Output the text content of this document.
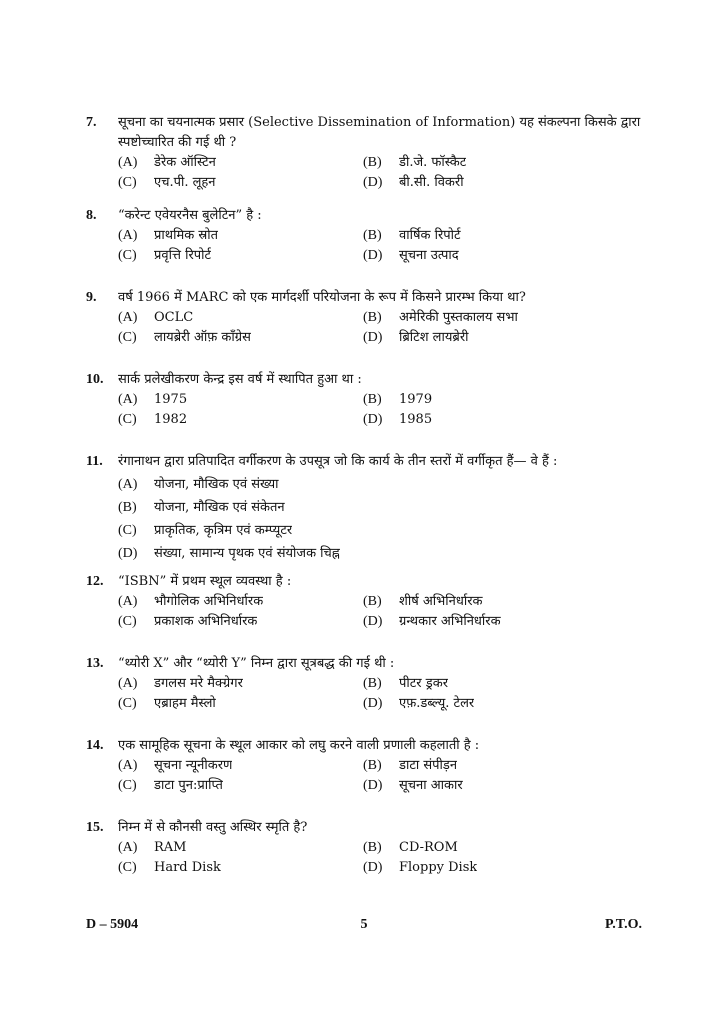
7. सूचना का चयनात्मक प्रसार (Selective Dissemination of Information) यह संकल्पना किसके द्वारा स्पष्टोच्चारित की गई थी ?
(A)	डेरेक ऑस्टिन	(B)	डी.जे. फॉस्कैट
(C)	एच.पी. लूहन	(D)	बी.सी. विकरी
8. “करेन्ट एवेयरनैस बुलेटिन” है :
(A)	प्राथमिक स्रोत	(B)	वार्षिक रिपोर्ट
(C)	प्रवृत्ति रिपोर्ट	(D)	सूचना उत्पाद
9. वर्ष 1966 में MARC को एक मार्गदर्शी परियोजना के रूप में किसने प्रारम्भ किया था?
(A)	OCLC	(B)	अमेरिकी पुस्तकालय सभा
(C)	लायब्रेरी ऑफ़ कॉंग्रेस	(D)	ब्रिटिश लायब्रेरी
10. सार्क प्रलेखीकरण केन्द्र इस वर्ष में स्थापित हुआ था :
(A)	1975	(B)	1979
(C)	1982	(D)	1985
11. रंगानाथन द्वारा प्रतिपादित वर्गीकरण के उपसूत्र जो कि कार्य के तीन स्तरों में वर्गीकृत हैं— वे हैं :
(A)	योजना, मौखिक एवं संख्या
(B)	योजना, मौखिक एवं संकेतन
(C)	प्राकृतिक, कृत्रिम एवं कम्प्यूटर
(D)	संख्या, सामान्य पृथक एवं संयोजक चिह्न
12. “ISBN” में प्रथम स्थूल व्यवस्था है :
(A)	भौगोलिक अभिनिर्धारक	(B)	शीर्ष अभिनिर्धारक
(C)	प्रकाशक अभिनिर्धारक	(D)	ग्रन्थकार अभिनिर्धारक
13. “थ्योरी X” और “थ्योरी Y” निम्न द्वारा सूत्रबद्ध की गई थी :
(A)	डगलस मरे मैक्ग्रेगर	(B)	पीटर ड्रकर
(C)	एब्राहम मैस्लो	(D)	एफ़.डब्ल्यू. टेलर
14. एक सामूहिक सूचना के स्थूल आकार को लघु करने वाली प्रणाली कहलाती है :
(A)	सूचना न्यूनीकरण	(B)	डाटा संपीड़न
(C)	डाटा पुन:प्राप्ति	(D)	सूचना आकार
15. निम्न में से कौनसी वस्तु अस्थिर स्मृति है?
(A)	RAM	(B)	CD-ROM
(C)	Hard Disk	(D)	Floppy Disk
D – 5904	5	P.T.O.
